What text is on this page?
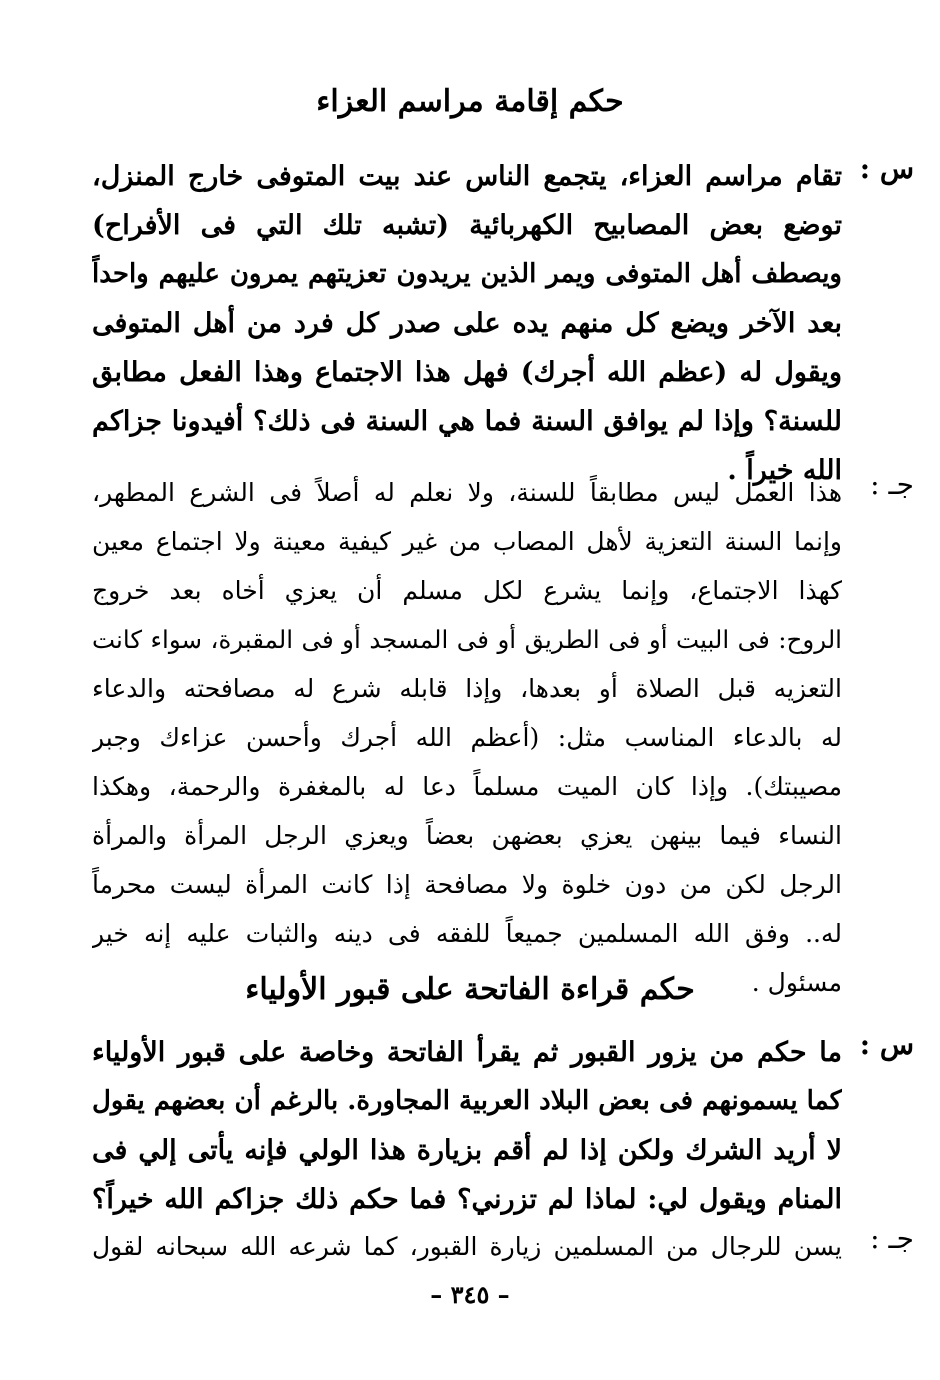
حكم إقامة مراسم العزاء
س :
تقام مراسم العزاء، يتجمع الناس عند بيت المتوفى خارج المنزل،
توضع بعض المصابيح الكهربائية (تشبه تلك التي فى الأفراح)
ويصطف أهل المتوفى ويمر الذين يريدون تعزيتهم يمرون عليهم واحداً
بعد الآخر ويضع كل منهم يده على صدر كل فرد من أهل المتوفى
ويقول له (عظم الله أجرك) فهل هذا الاجتماع وهذا الفعل مطابق
للسنة؟ وإذا لم يوافق السنة فما هي السنة فى ذلك؟ أفيدونا جزاكم
الله خيراً .	جـ :
هذا العمل ليس مطابقاً للسنة، ولا نعلم له أصلاً فى الشرع المطهر،
وإنما السنة التعزية لأهل المصاب من غير كيفية معينة ولا اجتماع معين
كهذا الاجتماع، وإنما يشرع لكل مسلم أن يعزي أخاه بعد خروج
الروح: فى البيت أو فى الطريق أو فى المسجد أو فى المقبرة، سواء كانت
التعزيه قبل الصلاة أو بعدها، وإذا قابله شرع له مصافحته والدعاء
له بالدعاء المناسب مثل: (أعظم الله أجرك وأحسن عزاءك وجبر
مصيبتك). وإذا كان الميت مسلماً دعا له بالمغفرة والرحمة، وهكذا
النساء فيما بينهن يعزي بعضهن بعضاً ويعزي الرجل المرأة والمرأة
الرجل لكن من دون خلوة ولا مصافحة إذا كانت المرأة ليست محرماً
له.. وفق الله المسلمين جميعاً للفقه فى دينه والثبات عليه إنه خير
مسئول .
حكم قراءة الفاتحة على قبور الأولياء
س :
ما حكم من يزور القبور ثم يقرأ الفاتحة وخاصة على قبور الأولياء
كما يسمونهم فى بعض البلاد العربية المجاورة. بالرغم أن بعضهم يقول
لا أريد الشرك ولكن إذا لم أقم بزيارة هذا الولي فإنه يأتى إلي فى
المنام ويقول لي: لماذا لم تزرني؟ فما حكم ذلك جزاكم الله خيراً؟
جـ :
يسن للرجال من المسلمين زيارة القبور، كما شرعه الله سبحانه لقول
– ٣٤٥ –
